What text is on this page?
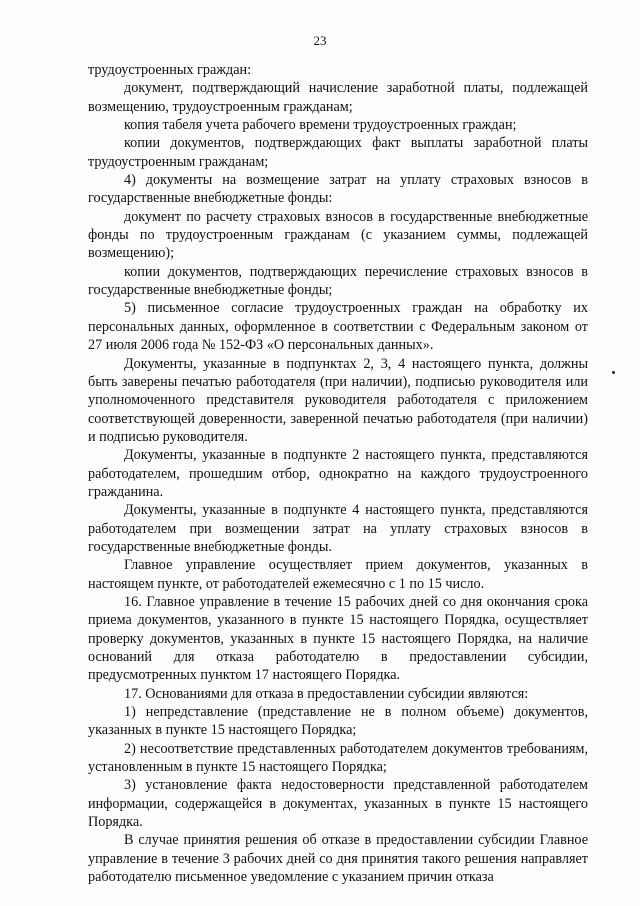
23

трудоустроенных граждан:

документ, подтверждающий начисление заработной платы, подлежащей возмещению, трудоустроенным гражданам;

копия табеля учета рабочего времени трудоустроенных граждан;

копии документов, подтверждающих факт выплаты заработной платы трудоустроенным гражданам;

4) документы на возмещение затрат на уплату страховых взносов в государственные внебюджетные фонды:

документ по расчету страховых взносов в государственные внебюджетные фонды по трудоустроенным гражданам (с указанием суммы, подлежащей возмещению);

копии документов, подтверждающих перечисление страховых взносов в государственные внебюджетные фонды;

5) письменное согласие трудоустроенных граждан на обработку их персональных данных, оформленное в соответствии с Федеральным законом от 27 июля 2006 года № 152-ФЗ «О персональных данных».

Документы, указанные в подпунктах 2, 3, 4 настоящего пункта, должны быть заверены печатью работодателя (при наличии), подписью руководителя или уполномоченного представителя руководителя работодателя с приложением соответствующей доверенности, заверенной печатью работодателя (при наличии) и подписью руководителя.

Документы, указанные в подпункте 2 настоящего пункта, представляются работодателем, прошедшим отбор, однократно на каждого трудоустроенного гражданина.

Документы, указанные в подпункте 4 настоящего пункта, представляются работодателем при возмещении затрат на уплату страховых взносов в государственные внебюджетные фонды.

Главное управление осуществляет прием документов, указанных в настоящем пункте, от работодателей ежемесячно с 1 по 15 число.

16. Главное управление в течение 15 рабочих дней со дня окончания срока приема документов, указанного в пункте 15 настоящего Порядка, осуществляет проверку документов, указанных в пункте 15 настоящего Порядка, на наличие оснований для отказа работодателю в предоставлении субсидии, предусмотренных пунктом 17 настоящего Порядка.

17. Основаниями для отказа в предоставлении субсидии являются:

1) непредставление (представление не в полном объеме) документов, указанных в пункте 15 настоящего Порядка;

2) несоответствие представленных работодателем документов требованиям, установленным в пункте 15 настоящего Порядка;

3) установление факта недостоверности представленной работодателем информации, содержащейся в документах, указанных в пункте 15 настоящего Порядка.

В случае принятия решения об отказе в предоставлении субсидии Главное управление в течение 3 рабочих дней со дня принятия такого решения направляет работодателю письменное уведомление с указанием причин отказа
